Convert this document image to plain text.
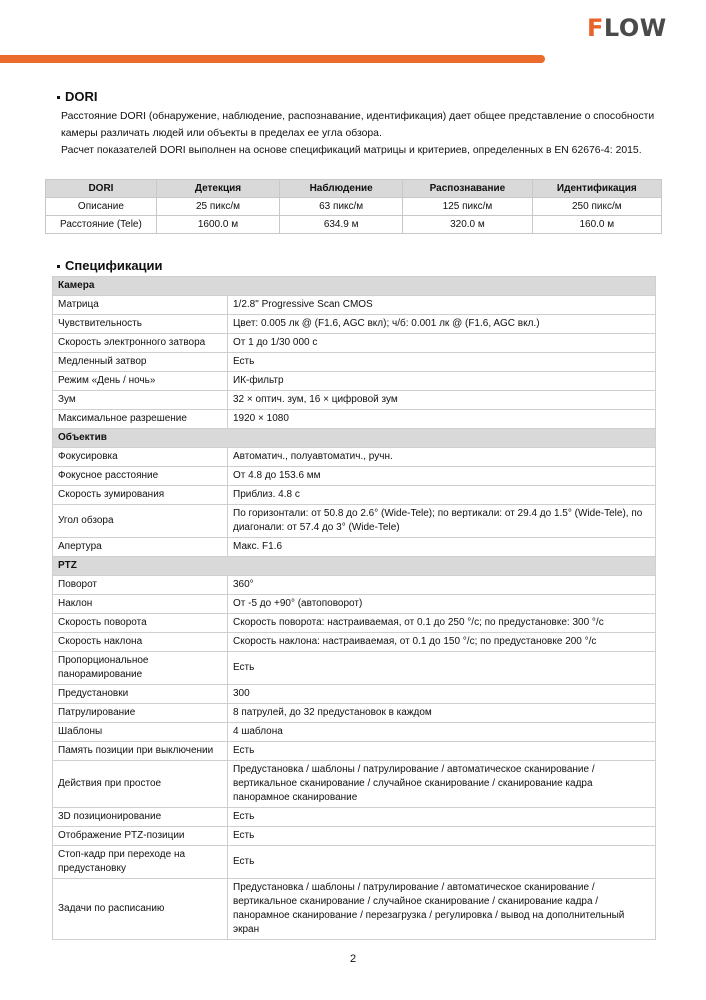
FLOW
DORI
Расстояние DORI (обнаружение, наблюдение, распознавание, идентификация) дает общее представление о способности камеры различать людей или объекты в пределах ее угла обзора.
Расчет показателей DORI выполнен на основе спецификаций матрицы и критериев, определенных в EN 62676-4: 2015.
DORI	Детекция	Наблюдение	Распознавание	Идентификация
Описание	25 пикс/м	63 пикс/м	125 пикс/м	250 пикс/м
Расстояние (Tele)	1600.0 м	634.9 м	320.0 м	160.0 м
Спецификации
Камера	
Матрица	1/2.8" Progressive Scan CMOS
Чувствительность	Цвет: 0.005 лк @ (F1.6, AGC вкл); ч/б: 0.001 лк @ (F1.6, AGC вкл.)
Скорость электронного затвора	От 1 до 1/30 000 с
Медленный затвор	Есть
Режим «День / ночь»	ИК-фильтр
Зум	32 × оптич. зум, 16 × цифровой зум
Максимальное разрешение	1920 × 1080
Объектив	
Фокусировка	Автоматич., полуавтоматич., ручн.
Фокусное расстояние	От 4.8 до 153.6 мм
Скорость зумирования	Приблиз. 4.8 с
Угол обзора	По горизонтали: от 50.8 до 2.6° (Wide-Tele); по вертикали: от 29.4 до 1.5° (Wide-Tele), по диагонали: от 57.4 до 3° (Wide-Tele)
Апертура	Макс. F1.6
PTZ	
Поворот	360°
Наклон	От -5 до +90° (автоповорот)
Скорость поворота	Скорость поворота: настраиваемая, от 0.1 до 250 °/с; по предустановке: 300 °/с
Скорость наклона	Скорость наклона: настраиваемая, от 0.1 до 150 °/с; по предустановке 200 °/с
Пропорциональное панорамирование	Есть
Предустановки	300
Патрулирование	8 патрулей, до 32 предустановок в каждом
Шаблоны	4 шаблона
Память позиции при выключении	Есть
Действия при простое	Предустановка / шаблоны / патрулирование / автоматическое сканирование / вертикальное сканирование / случайное сканирование / сканирование кадра панорамное сканирование
3D позиционирование	Есть
Отображение PTZ-позиции	Есть
Стоп-кадр при переходе на предустановку	Есть
Задачи по расписанию	Предустановка / шаблоны / патрулирование / автоматическое сканирование / вертикальное сканирование / случайное сканирование / сканирование кадра / панорамное сканирование / перезагрузка / регулировка / вывод на дополнительный экран
2
